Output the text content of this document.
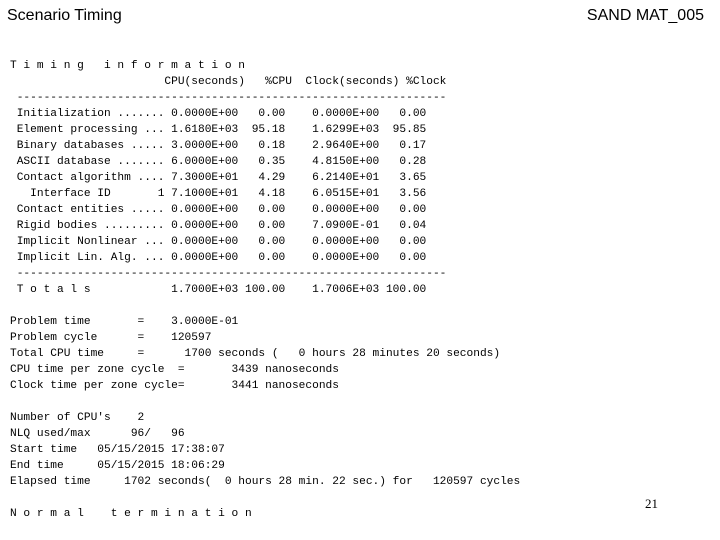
Scenario Timing	SAND MAT_005
T i m i n g   i n f o r m a t i o n
CPU(seconds)   %CPU  Clock(seconds) %Clock
----------------------------------------------------------------
Initialization ....... 0.0000E+00   0.00    0.0000E+00   0.00
Element processing ... 1.6180E+03  95.18    1.6299E+03  95.85
Binary databases ..... 3.0000E+00   0.18    2.9640E+00   0.17
ASCII database ....... 6.0000E+00   0.35    4.8150E+00   0.28
Contact algorithm .... 7.3000E+01   4.29    6.2140E+01   3.65
Interface ID       1 7.1000E+01   4.18    6.0515E+01   3.56
Contact entities ..... 0.0000E+00   0.00    0.0000E+00   0.00
Rigid bodies ......... 0.0000E+00   0.00    7.0900E-01   0.04
Implicit Nonlinear ... 0.0000E+00   0.00    0.0000E+00   0.00
Implicit Lin. Alg. ... 0.0000E+00   0.00    0.0000E+00   0.00
----------------------------------------------------------------
T o t a l s            1.7000E+03 100.00    1.7006E+03 100.00
Problem time       =    3.0000E-01
Problem cycle      =    120597
Total CPU time     =      1700 seconds (   0 hours 28 minutes 20 seconds)
CPU time per zone cycle  =       3439 nanoseconds
Clock time per zone cycle=       3441 nanoseconds
Number of CPU's    2
NLQ used/max      96/   96
Start time   05/15/2015 17:38:07
End time     05/15/2015 18:06:29
Elapsed time     1702 seconds(  0 hours 28 min. 22 sec.) for   120597 cycles
N o r m a l    t e r m i n a t i o n
21
